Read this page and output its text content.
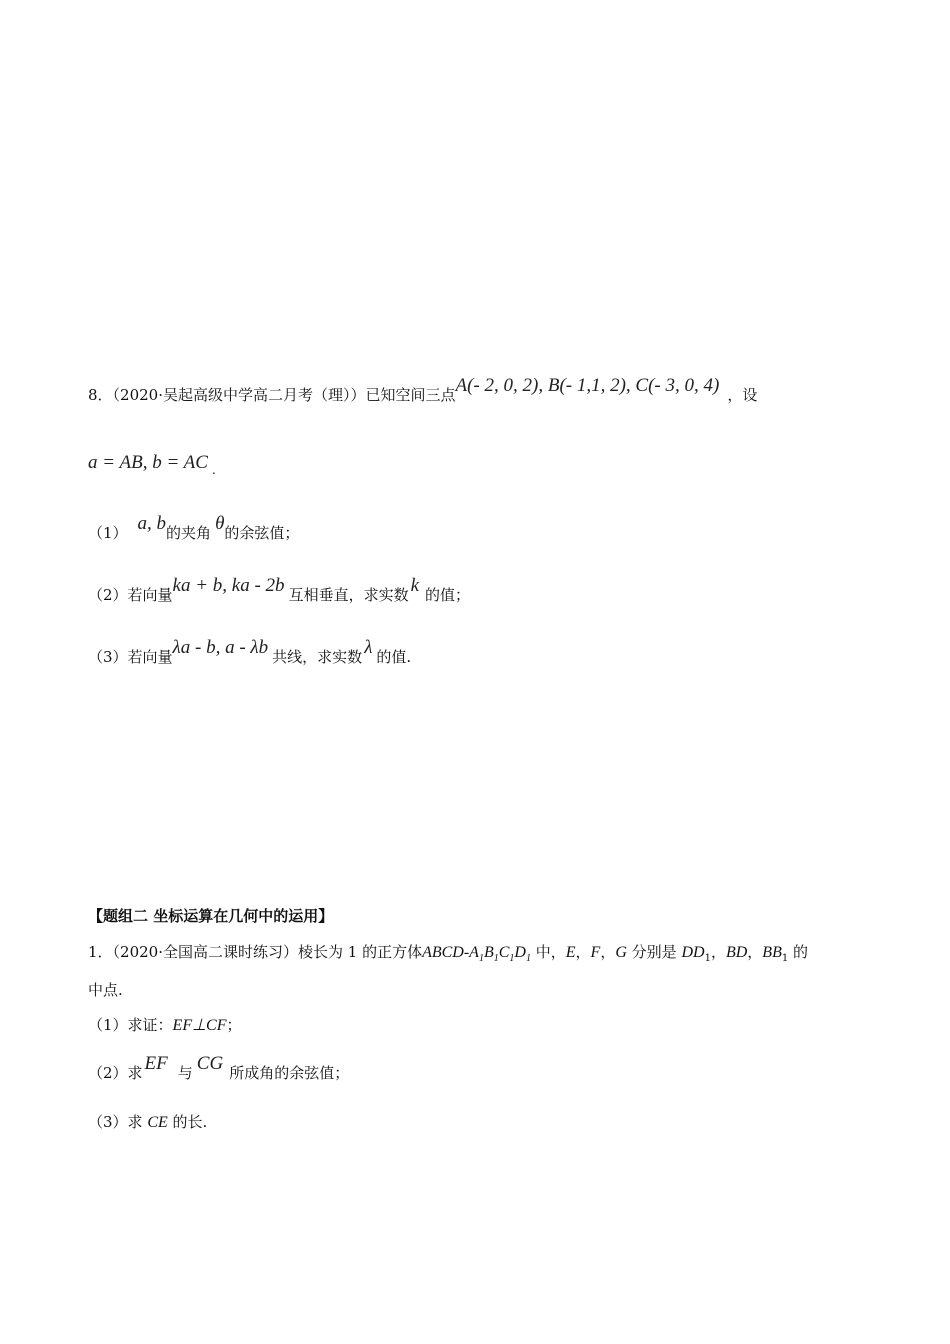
8．（2020·吴起高级中学高二月考（理））已知空间三点A(- 2, 0, 2), B(- 1,1, 2), C(- 3, 0, 4) ，设
a = AB, b = AC $_.$
（1） a, b的夹角 θ的余弦值；
（2）若向量ka + b, ka - 2b 互相垂直，求实数 k 的值；
（3）若向量λa - b, a - λb 共线，求实数 λ 的值.
【题组二 坐标运算在几何中的运用】
1．（2020·全国高二课时练习）棱长为 1 的正方体ABCD-$A_1B_1C_1D_1$ 中，E，F，G 分别是 $DD_1$，BD，$BB_1$ 的
中点.
（1）求证：EF⊥CF；
（2）求 EF 与 CG 所成角的余弦值；
（3）求 CE 的长.
